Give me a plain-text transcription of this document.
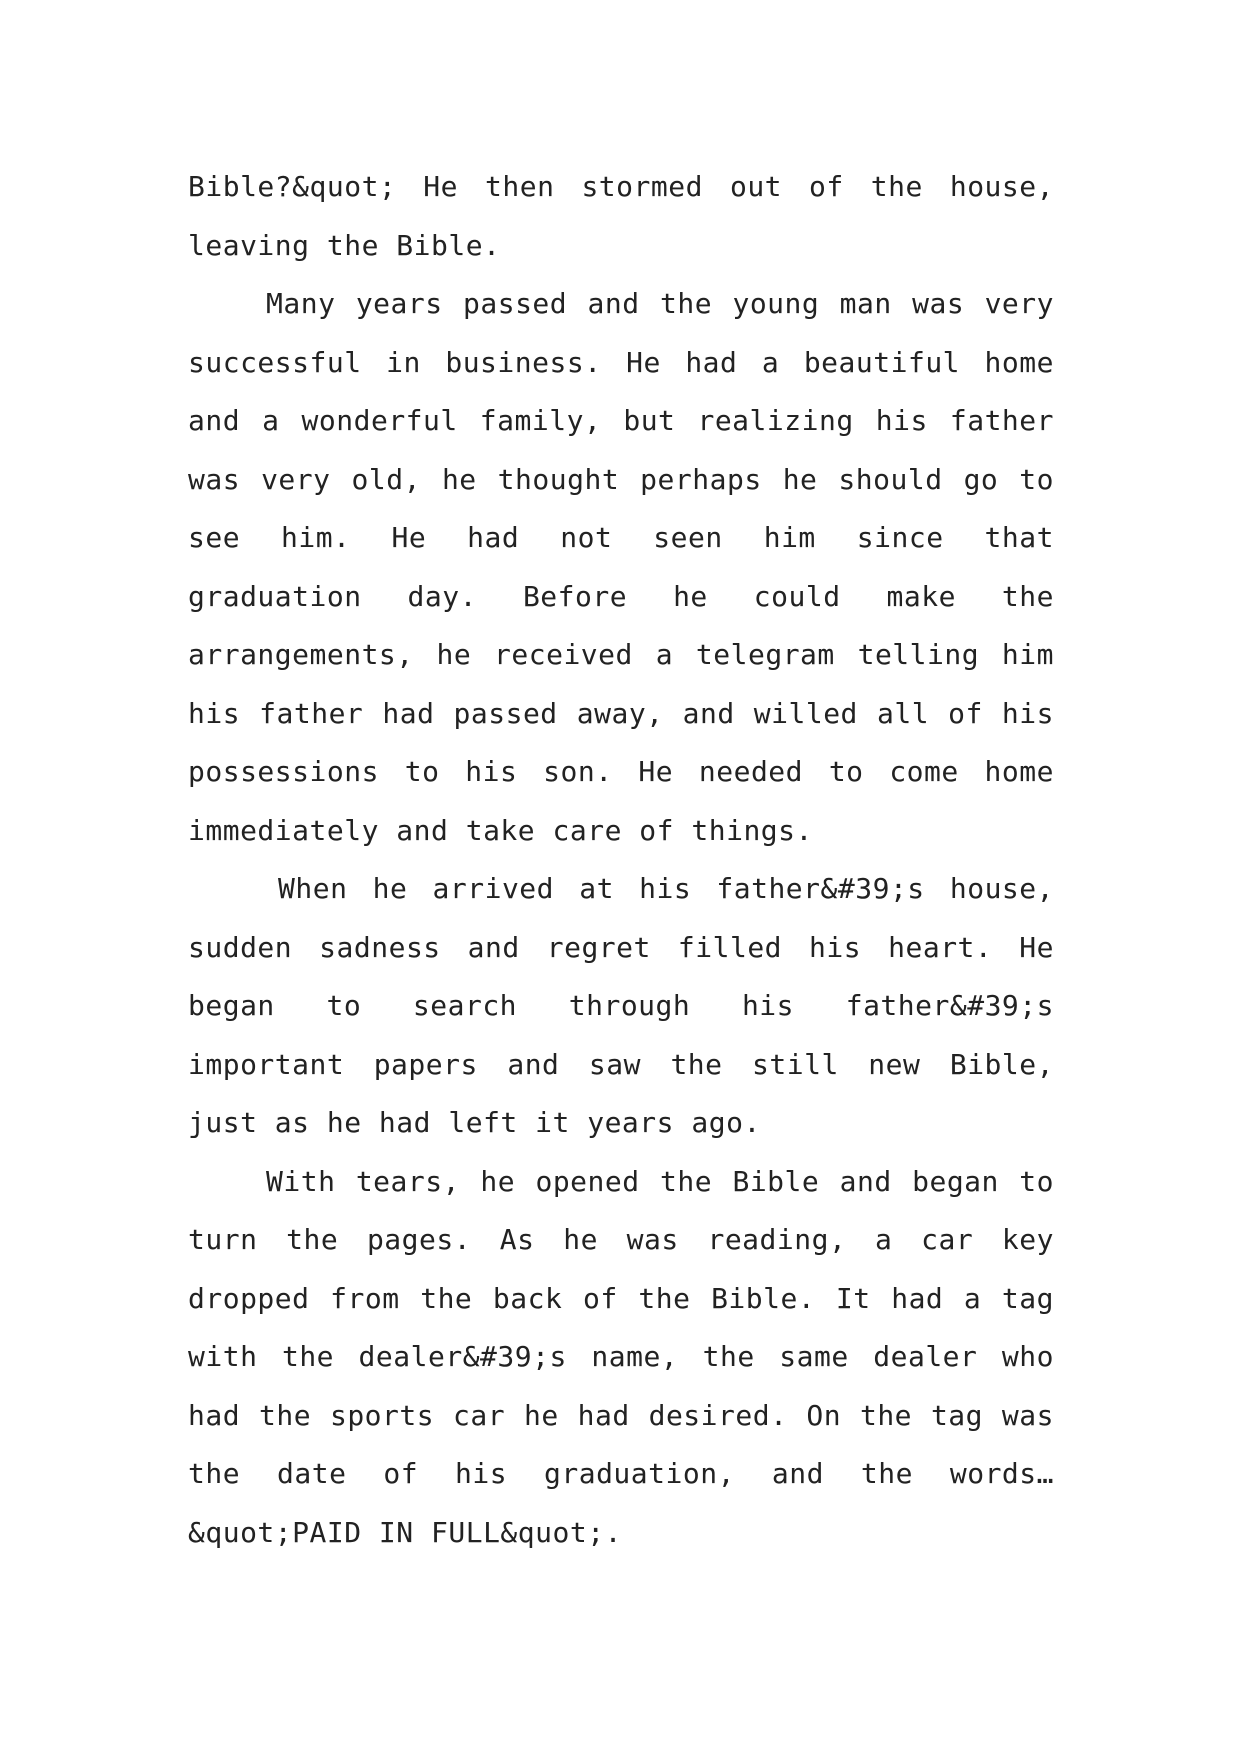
Bible?&quot; He then stormed out of the house, leaving the Bible.

Many years passed and the young man was very successful in business. He had a beautiful home and a wonderful family, but realizing his father was very old, he thought perhaps he should go to see him. He had not seen him since that graduation day. Before he could make the arrangements, he received a telegram telling him his father had passed away, and willed all of his possessions to his son. He needed to come home immediately and take care of things.

When he arrived at his father&#39;s house, sudden sadness and regret filled his heart. He began to search through his father&#39;s important papers and saw the still new Bible, just as he had left it years ago.

With tears, he opened the Bible and began to turn the pages. As he was reading, a car key dropped from the back of the Bible. It had a tag with the dealer&#39;s name, the same dealer who had the sports car he had desired. On the tag was the date of his graduation, and the words… &quot;PAID IN FULL&quot;.
